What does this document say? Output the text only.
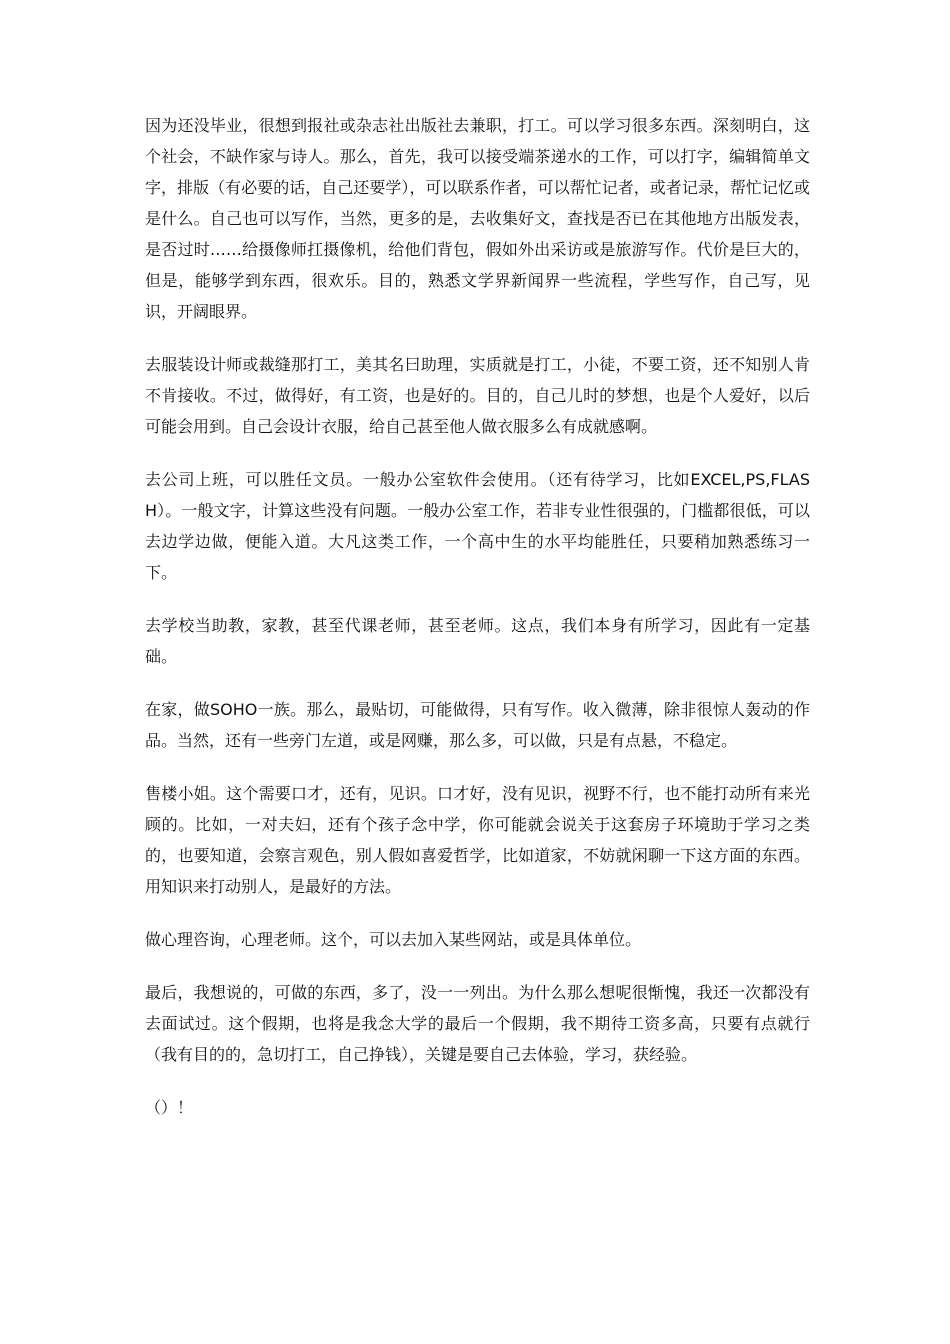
因为还没毕业，很想到报社或杂志社出版社去兼职，打工。可以学习很多东西。深刻明白，这个社会，不缺作家与诗人。那么，首先，我可以接受端茶递水的工作，可以打字，编辑简单文字，排版（有必要的话，自己还要学），可以联系作者，可以帮忙记者，或者记录，帮忙记忆或是什么。自己也可以写作，当然，更多的是，去收集好文，查找是否已在其他地方出版发表，是否过时……给摄像师扛摄像机，给他们背包，假如外出采访或是旅游写作。代价是巨大的，但是，能够学到东西，很欢乐。目的，熟悉文学界新闻界一些流程，学些写作，自己写，见识，开阔眼界。

去服装设计师或裁缝那打工，美其名曰助理，实质就是打工，小徒，不要工资，还不知别人肯不肯接收。不过，做得好，有工资，也是好的。目的，自己儿时的梦想，也是个人爱好，以后可能会用到。自己会设计衣服，给自己甚至他人做衣服多么有成就感啊。

去公司上班，可以胜任文员。一般办公室软件会使用。（还有待学习，比如EXCEL,PS,FLASH）。一般文字，计算这些没有问题。一般办公室工作，若非专业性很强的，门槛都很低，可以去边学边做，便能入道。大凡这类工作，一个高中生的水平均能胜任，只要稍加熟悉练习一下。

去学校当助教，家教，甚至代课老师，甚至老师。这点，我们本身有所学习，因此有一定基础。

在家，做SOHO一族。那么，最贴切，可能做得，只有写作。收入微薄，除非很惊人轰动的作品。当然，还有一些旁门左道，或是网赚，那么多，可以做，只是有点悬，不稳定。

售楼小姐。这个需要口才，还有，见识。口才好，没有见识，视野不行，也不能打动所有来光顾的。比如，一对夫妇，还有个孩子念中学，你可能就会说关于这套房子环境助于学习之类的，也要知道，会察言观色，别人假如喜爱哲学，比如道家，不妨就闲聊一下这方面的东西。用知识来打动别人，是最好的方法。

做心理咨询，心理老师。这个，可以去加入某些网站，或是具体单位。

最后，我想说的，可做的东西，多了，没一一列出。为什么那么想呢很惭愧，我还一次都没有去面试过。这个假期，也将是我念大学的最后一个假期，我不期待工资多高，只要有点就行（我有目的的，急切打工，自己挣钱），关键是要自己去体验，学习，获经验。

（）！
